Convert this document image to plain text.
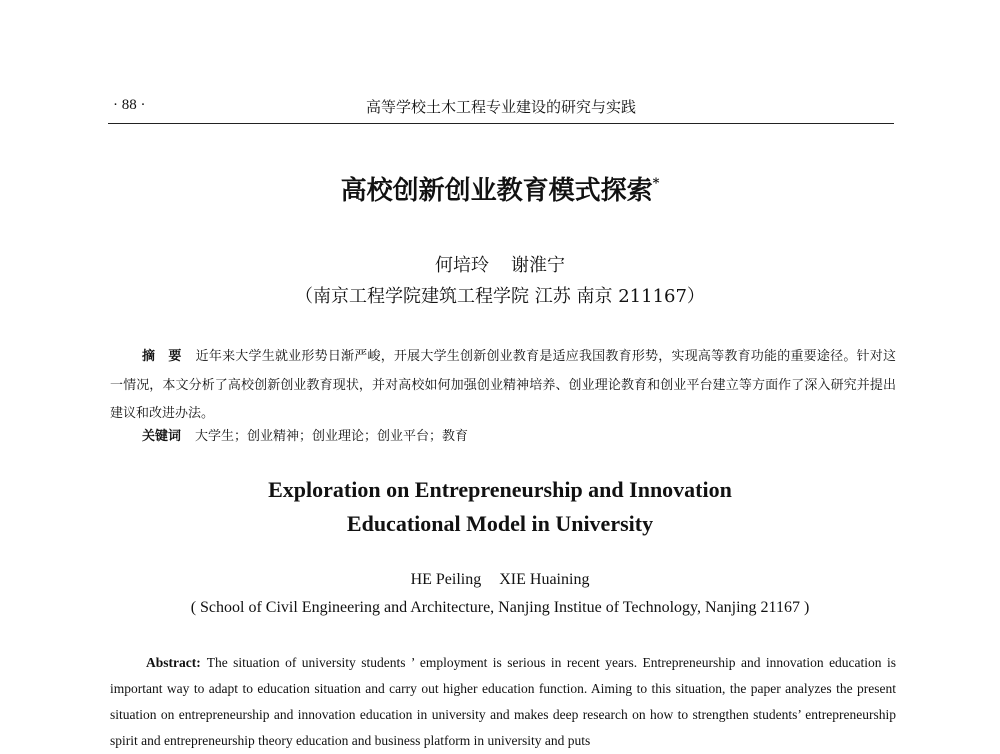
· 88 ·	高等学校土木工程专业建设的研究与实践
高校创新创业教育模式探索*
何培玲 谢淮宁
（南京工程学院建筑工程学院 江苏 南京 211167）
摘　要 近年来大学生就业形势日渐严峻，开展大学生创新创业教育是适应我国教育形势，实现高等教育功能的重要途径。针对这一情况，本文分析了高校创新创业教育现状，并对高校如何加强创业精神培养、创业理论教育和创业平台建立等方面作了深入研究并提出建议和改进办法。
关键词 大学生；创业精神；创业理论；创业平台；教育
Exploration on Entrepreneurship and Innovation
Educational Model in University
HE Peiling XIE Huaining
( School of Civil Engineering and Architecture, Nanjing Institue of Technology, Nanjing 21167 )
Abstract: The situation of university students ’ employment is serious in recent years. Entrepreneurship and innovation education is important way to adapt to education situation and carry out higher education function. Aiming to this situation, the paper analyzes the present situation on entrepreneurship and innovation education in university and makes deep research on how to strengthen students’ entrepreneurship spirit and entrepreneurship theory education and business platform in university and puts
